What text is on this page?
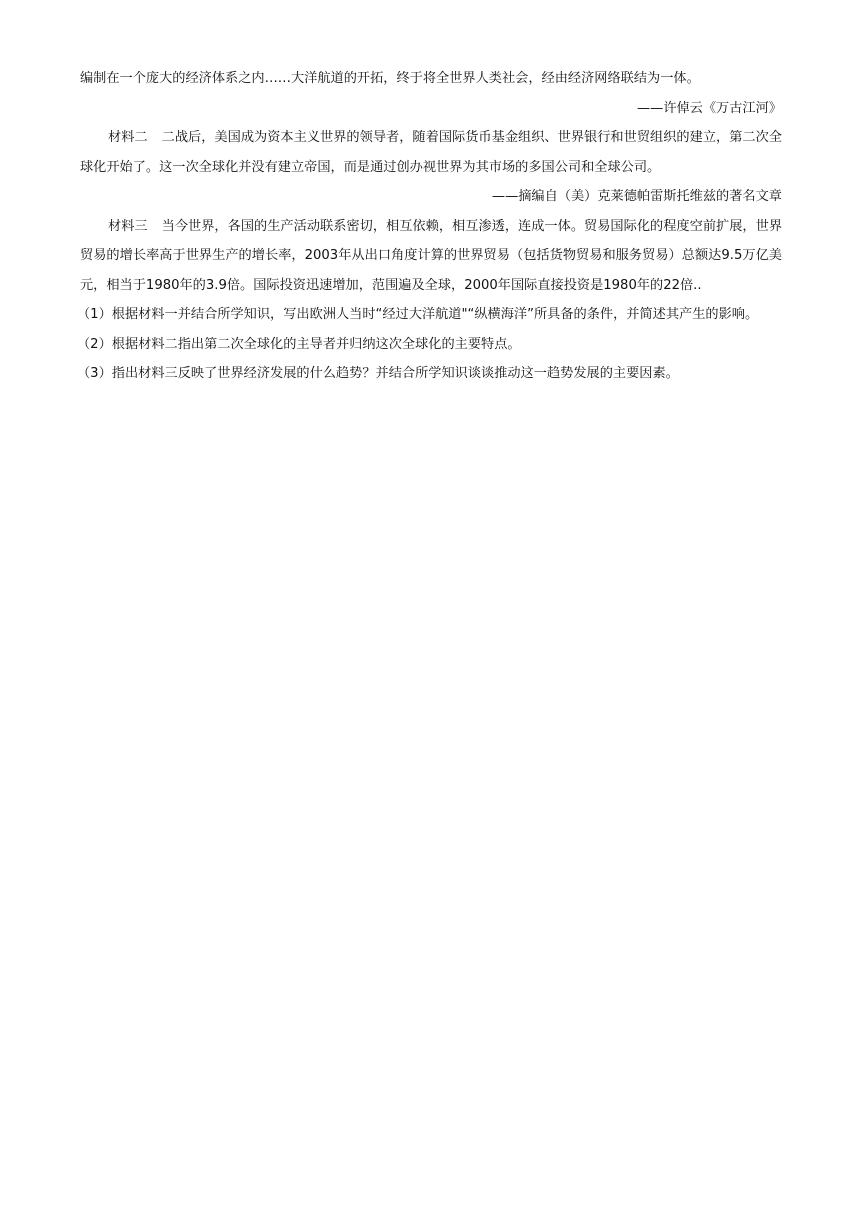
编制在一个庞大的经济体系之内……大洋航道的开拓，终于将全世界人类社会，经由经济网络联结为一体。

——许倬云《万古江河》

材料二 二战后，美国成为资本主义世界的领导者，随着国际货币基金组织、世界银行和世贸组织的建立，第二次全球化开始了。这一次全球化并没有建立帝国，而是通过创办视世界为其市场的多国公司和全球公司。

——摘编自（美）克莱德帕雷斯托维兹的著名文章

材料三 当今世界，各国的生产活动联系密切，相互依赖，相互渗透，连成一体。贸易国际化的程度空前扩展，世界贸易的增长率高于世界生产的增长率，2003年从出口角度计算的世界贸易（包括货物贸易和服务贸易）总额达9.5万亿美元，相当于1980年的3.9倍。国际投资迅速增加，范围遍及全球，2000年国际直接投资是1980年的22倍..

（1）根据材料一并结合所学知识，写出欧洲人当时“经过大洋航道"“纵横海洋”所具备的条件，并简述其产生的影响。

（2）根据材料二指出第二次全球化的主导者并归纳这次全球化的主要特点。

（3）指出材料三反映了世界经济发展的什么趋势？并结合所学知识谈谈推动这一趋势发展的主要因素。
